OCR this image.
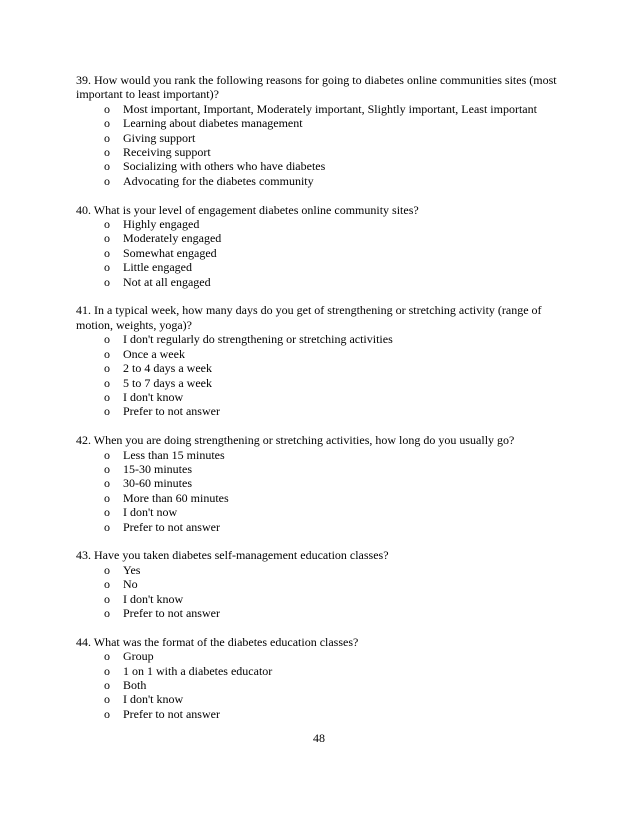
39. How would you rank the following reasons for going to diabetes online communities sites (most important to least important)?

o Most important, Important, Moderately important, Slightly important, Least important
o Learning about diabetes management
o Giving support
o Receiving support
o Socializing with others who have diabetes
o Advocating for the diabetes community

40. What is your level of engagement diabetes online community sites?

o Highly engaged
o Moderately engaged
o Somewhat engaged
o Little engaged
o Not at all engaged

41. In a typical week, how many days do you get of strengthening or stretching activity (range of motion, weights, yoga)?

o I don't regularly do strengthening or stretching activities
o Once a week
o 2 to 4 days a week
o 5 to 7 days a week
o I don't know
o Prefer to not answer

42. When you are doing strengthening or stretching activities, how long do you usually go?

o Less than 15 minutes
o 15-30 minutes
o 30-60 minutes
o More than 60 minutes
o I don't now
o Prefer to not answer

43. Have you taken diabetes self-management education classes?

o Yes
o No
o I don't know
o Prefer to not answer

44. What was the format of the diabetes education classes?

o Group
o 1 on 1 with a diabetes educator
o Both
o I don't know
o Prefer to not answer
48
